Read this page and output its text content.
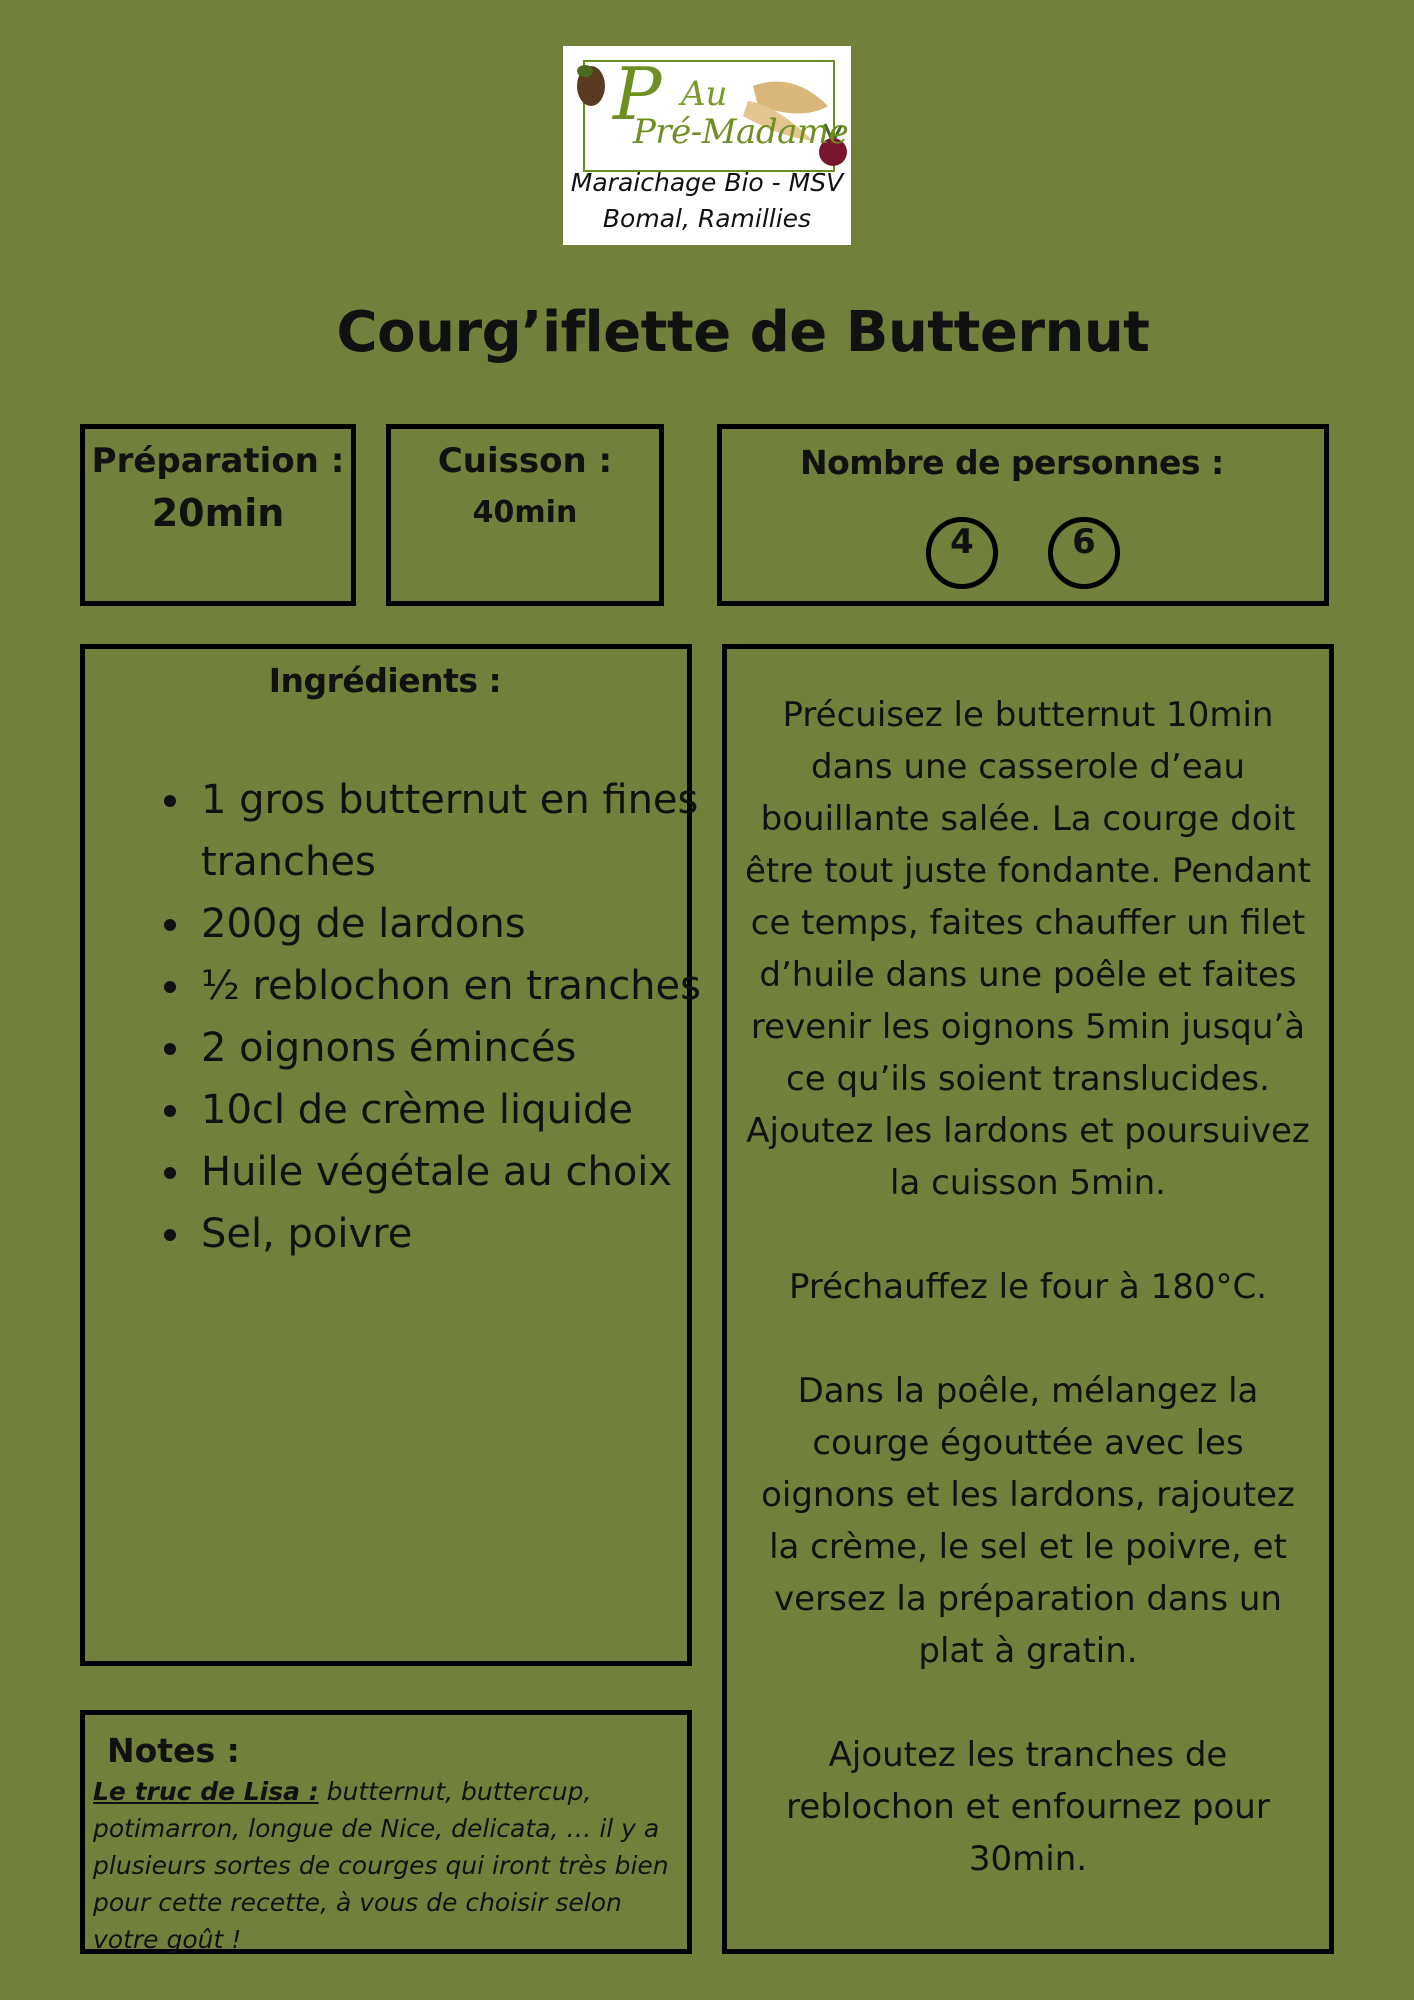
P Au
Pré-Madame
Maraichage Bio - MSV
Bomal, Ramillies
Courg’iflette de Butternut
Préparation :
20min
Cuisson :
40min
Nombre de personnes :
4	6
Ingrédients :
• 1 gros butternut en fines tranches
• 200g de lardons
• ½ reblochon en tranches
• 2 oignons émincés
• 10cl de crème liquide
• Huile végétale au choix
• Sel, poivre

Précuisez le butternut 10min dans une casserole d’eau bouillante salée. La courge doit être tout juste fondante. Pendant ce temps, faites chauffer un filet d’huile dans une poêle et faites revenir les oignons 5min jusqu’à ce qu’ils soient translucides. Ajoutez les lardons et poursuivez la cuisson 5min.

Préchauffez le four à 180°C.

Dans la poêle, mélangez la courge égouttée avec les oignons et les lardons, rajoutez la crème, le sel et le poivre, et versez la préparation dans un plat à gratin.

Ajoutez les tranches de reblochon et enfournez pour 30min.

Notes :
Le truc de Lisa : butternut, buttercup, potimarron, longue de Nice, delicata, … il y a plusieurs sortes de courges qui iront très bien pour cette recette, à vous de choisir selon votre goût !
